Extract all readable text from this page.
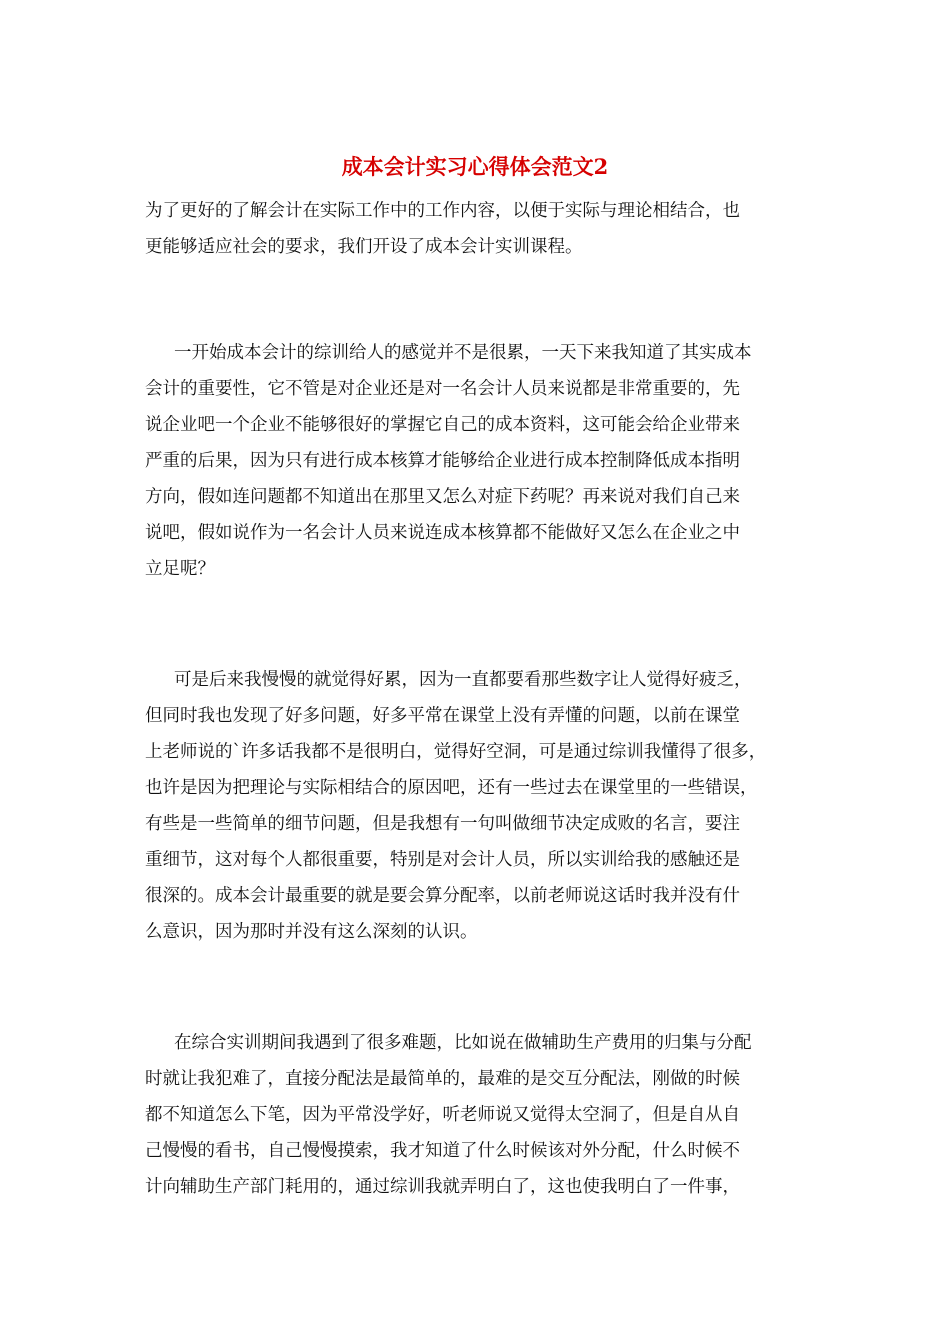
成本会计实习心得体会范文2

为了更好的了解会计在实际工作中的工作内容，以便于实际与理论相结合，也
更能够适应社会的要求，我们开设了成本会计实训课程。

一开始成本会计的综训给人的感觉并不是很累，一天下来我知道了其实成本
会计的重要性，它不管是对企业还是对一名会计人员来说都是非常重要的，先
说企业吧一个企业不能够很好的掌握它自己的成本资料，这可能会给企业带来
严重的后果，因为只有进行成本核算才能够给企业进行成本控制降低成本指明
方向，假如连问题都不知道出在那里又怎么对症下药呢？再来说对我们自己来
说吧，假如说作为一名会计人员来说连成本核算都不能做好又怎么在企业之中
立足呢？

可是后来我慢慢的就觉得好累，因为一直都要看那些数字让人觉得好疲乏，
但同时我也发现了好多问题，好多平常在课堂上没有弄懂的问题，以前在课堂
上老师说的`许多话我都不是很明白，觉得好空洞，可是通过综训我懂得了很多，
也许是因为把理论与实际相结合的原因吧，还有一些过去在课堂里的一些错误，
有些是一些简单的细节问题，但是我想有一句叫做细节决定成败的名言，要注
重细节，这对每个人都很重要，特别是对会计人员，所以实训给我的感触还是
很深的。成本会计最重要的就是要会算分配率，以前老师说这话时我并没有什
么意识，因为那时并没有这么深刻的认识。

在综合实训期间我遇到了很多难题，比如说在做辅助生产费用的归集与分配
时就让我犯难了，直接分配法是最简单的，最难的是交互分配法，刚做的时候
都不知道怎么下笔，因为平常没学好，听老师说又觉得太空洞了，但是自从自
己慢慢的看书，自己慢慢摸索，我才知道了什么时候该对外分配，什么时候不
计向辅助生产部门耗用的，通过综训我就弄明白了，这也使我明白了一件事，
